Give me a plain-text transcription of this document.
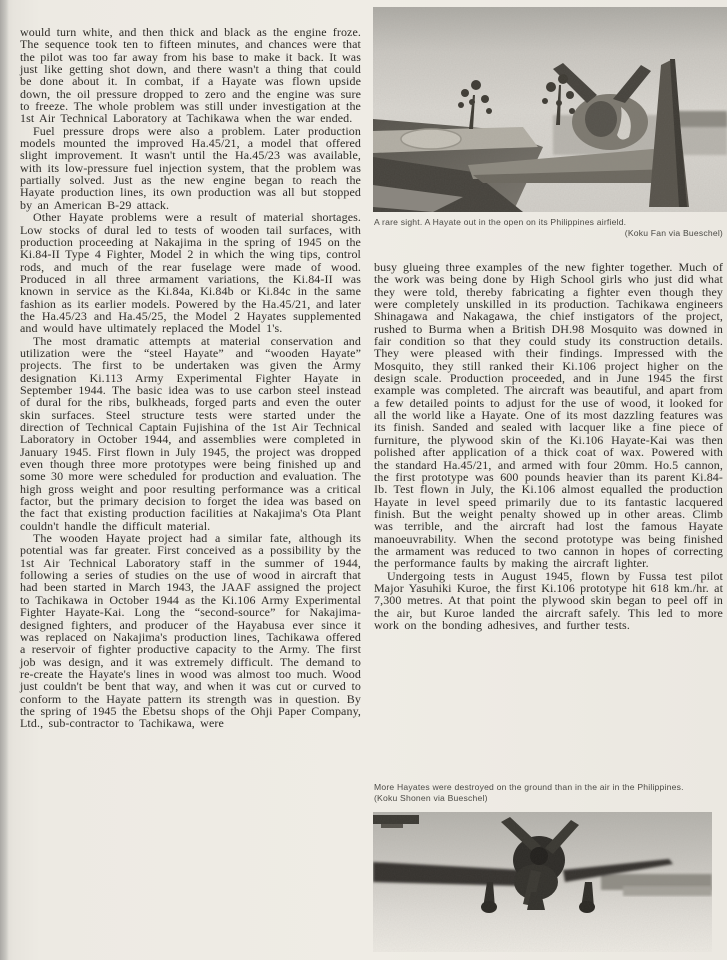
would turn white, and then thick and black as the engine froze. The sequence took ten to fifteen minutes, and chances were that the pilot was too far away from his base to make it back. It was just like getting shot down, and there wasn't a thing that could be done about it. In combat, if a Hayate was flown upside down, the oil pressure dropped to zero and the engine was sure to freeze. The whole problem was still under investigation at the 1st Air Technical Laboratory at Tachikawa when the war ended.

Fuel pressure drops were also a problem. Later production models mounted the improved Ha.45/21, a model that offered slight improvement. It wasn't until the Ha.45/23 was available, with its low-pressure fuel injection system, that the problem was partially solved. Just as the new engine began to reach the Hayate production lines, its own production was all but stopped by an American B-29 attack.

Other Hayate problems were a result of material shortages. Low stocks of dural led to tests of wooden tail surfaces, with production proceeding at Nakajima in the spring of 1945 on the Ki.84-II Type 4 Fighter, Model 2 in which the wing tips, control rods, and much of the rear fuselage were made of wood. Produced in all three armament variations, the Ki.84-II was known in service as the Ki.84a, Ki.84b or Ki.84c in the same fashion as its earlier models. Powered by the Ha.45/21, and later the Ha.45/23 and Ha.45/25, the Model 2 Hayates supplemented and would have ultimately replaced the Model 1's.

The most dramatic attempts at material conservation and utilization were the “steel Hayate” and “wooden Hayate” projects. The first to be undertaken was given the Army designation Ki.113 Army Experimental Fighter Hayate in September 1944. The basic idea was to use carbon steel instead of dural for the ribs, bulkheads, forged parts and even the outer skin surfaces. Steel structure tests were started under the direction of Technical Captain Fujishina of the 1st Air Technical Laboratory in October 1944, and assemblies were completed in January 1945. First flown in July 1945, the project was dropped even though three more prototypes were being finished up and some 30 more were scheduled for production and evaluation. The high gross weight and poor resulting performance was a critical factor, but the primary decision to forget the idea was based on the fact that existing production facilities at Nakajima's Ota Plant couldn't handle the difficult material.

The wooden Hayate project had a similar fate, although its potential was far greater. First conceived as a possibility by the 1st Air Technical Laboratory staff in the summer of 1944, following a series of studies on the use of wood in aircraft that had been started in March 1943, the JAAF assigned the project to Tachikawa in October 1944 as the Ki.106 Army Experimental Fighter Hayate-Kai. Long the “second-source” for Nakajima-designed fighters, and producer of the Hayabusa ever since it was replaced on Nakajima's production lines, Tachikawa offered a reservoir of fighter productive capacity to the Army. The first job was design, and it was extremely difficult. The demand to re-create the Hayate's lines in wood was almost too much. Wood just couldn't be bent that way, and when it was cut or curved to conform to the Hayate pattern its strength was in question. By the spring of 1945 the Ebetsu shops of the Ohji Paper Company, Ltd., sub-contractor to Tachikawa, were

A rare sight. A Hayate out in the open on its Philippines airfield.
(Koku Fan via Bueschel)

busy glueing three examples of the new fighter together. Much of the work was being done by High School girls who just did what they were told, thereby fabricating a fighter even though they were completely unskilled in its production. Tachikawa engineers Shinagawa and Nakagawa, the chief instigators of the project, rushed to Burma when a British DH.98 Mosquito was downed in fair condition so that they could study its construction details. They were pleased with their findings. Impressed with the Mosquito, they still ranked their Ki.106 project higher on the design scale. Production proceeded, and in June 1945 the first example was completed. The aircraft was beautiful, and apart from a few detailed points to adjust for the use of wood, it looked for all the world like a Hayate. One of its most dazzling features was its finish. Sanded and sealed with lacquer like a fine piece of furniture, the plywood skin of the Ki.106 Hayate-Kai was then polished after application of a thick coat of wax. Powered with the standard Ha.45/21, and armed with four 20mm. Ho.5 cannon, the first prototype was 600 pounds heavier than its parent Ki.84-Ib. Test flown in July, the Ki.106 almost equalled the production Hayate in level speed primarily due to its fantastic lacquered finish. But the weight penalty showed up in other areas. Climb was terrible, and the aircraft had lost the famous Hayate manoeuvrability. When the second prototype was being finished the armament was reduced to two cannon in hopes of correcting the performance faults by making the aircraft lighter.

Undergoing tests in August 1945, flown by Fussa test pilot Major Yasuhiki Kuroe, the first Ki.106 prototype hit 618 km./hr. at 7,300 metres. At that point the plywood skin began to peel off in the air, but Kuroe landed the aircraft safely. This led to more work on the bonding adhesives, and further tests.

More Hayates were destroyed on the ground than in the air in the Philippines. (Koku Shonen via Bueschel)
